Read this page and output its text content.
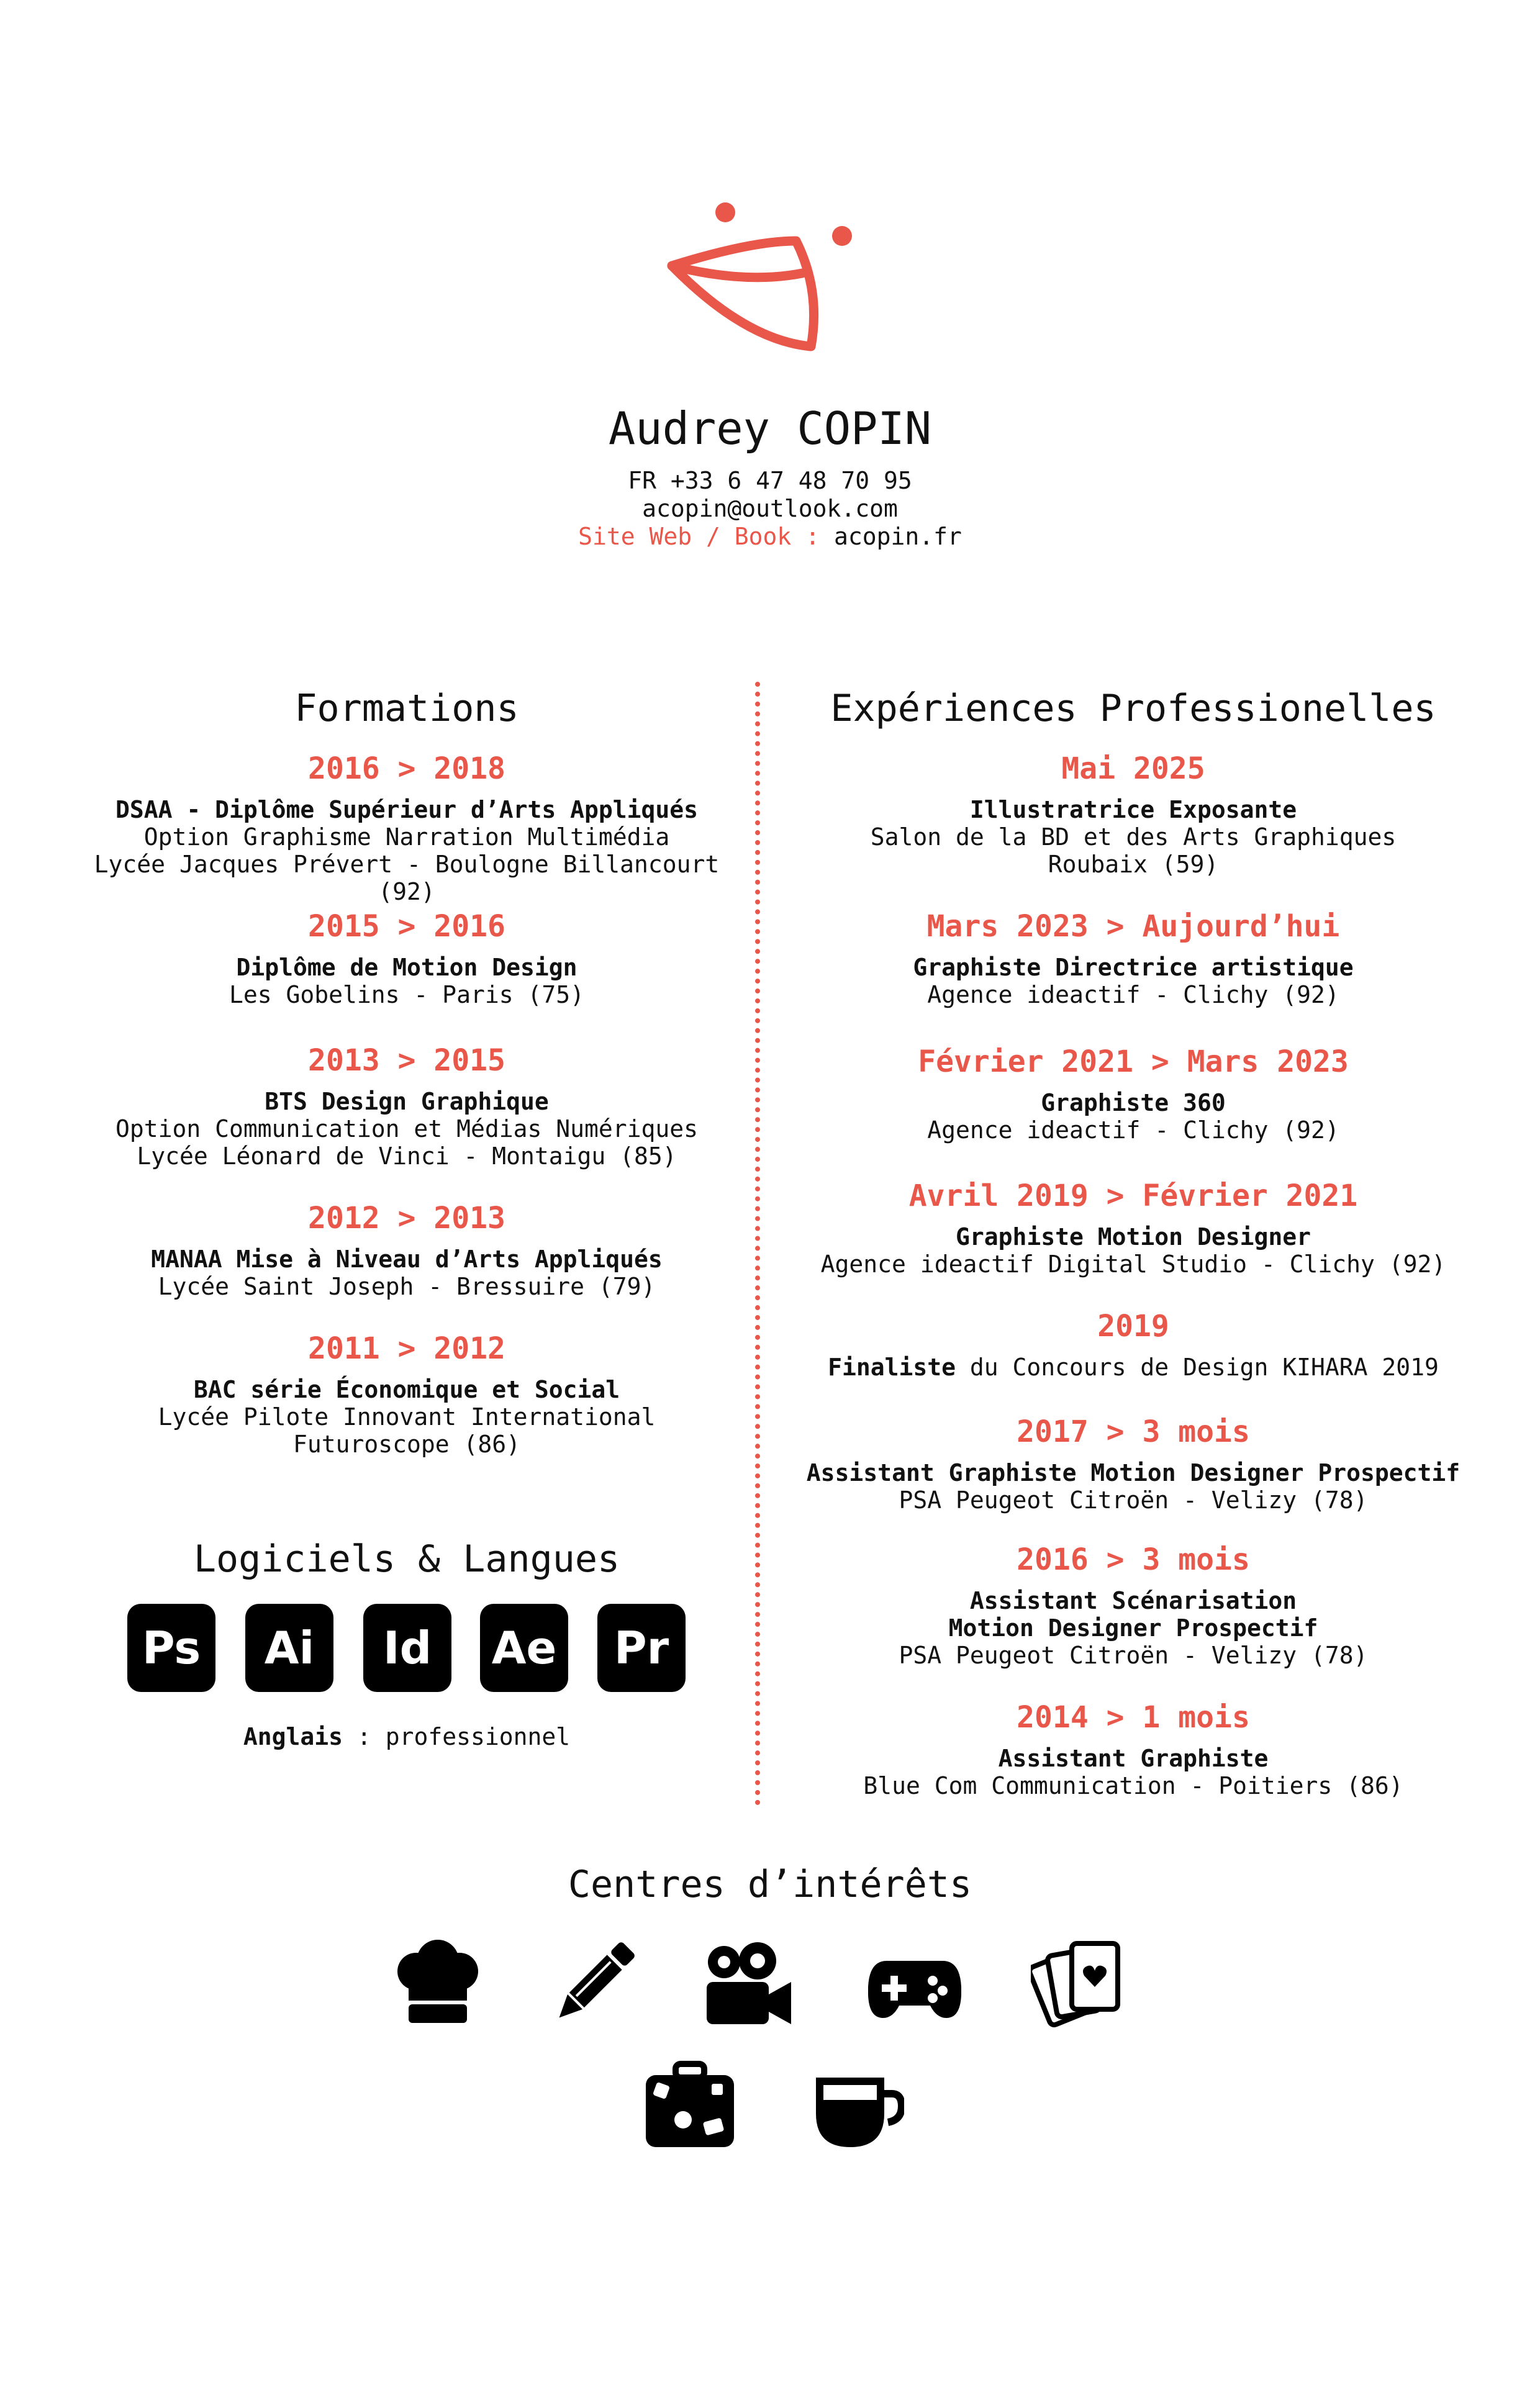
Audrey COPIN
FR +33 6 47 48 70 95
acopin@outlook.com
Site Web / Book : acopin.fr
Formations
2016 > 2018
DSAA - Diplôme Supérieur d’Arts Appliqués
Option Graphisme Narration Multimédia
Lycée Jacques Prévert - Boulogne Billancourt (92)
2015 > 2016
Diplôme de Motion Design
Les Gobelins - Paris (75)
2013 > 2015
BTS Design Graphique
Option Communication et Médias Numériques
Lycée Léonard de Vinci - Montaigu (85)
2012 > 2013
MANAA Mise à Niveau d’Arts Appliqués
Lycée Saint Joseph - Bressuire (79)
2011 > 2012
BAC série Économique et Social
Lycée Pilote Innovant International
Futuroscope (86)
Logiciels & Langues
Ps	Ai	Id	Ae	Pr
Anglais : professionnel
Expériences Professionelles
Mai 2025
Illustratrice Exposante
Salon de la BD et des Arts Graphiques
Roubaix (59)
Mars 2023 > Aujourd’hui
Graphiste Directrice artistique
Agence ideactif - Clichy (92)
Février 2021 > Mars 2023
Graphiste 360
Agence ideactif - Clichy (92)
Avril 2019 > Février 2021
Graphiste Motion Designer
Agence ideactif Digital Studio - Clichy (92)
2019
Finaliste du Concours de Design KIHARA 2019
2017 > 3 mois
Assistant Graphiste Motion Designer Prospectif
PSA Peugeot Citroën - Velizy (78)
2016 > 3 mois
Assistant Scénarisation
Motion Designer Prospectif
PSA Peugeot Citroën - Velizy (78)
2014 > 1 mois
Assistant Graphiste
Blue Com Communication - Poitiers (86)
Centres d’intérêts
